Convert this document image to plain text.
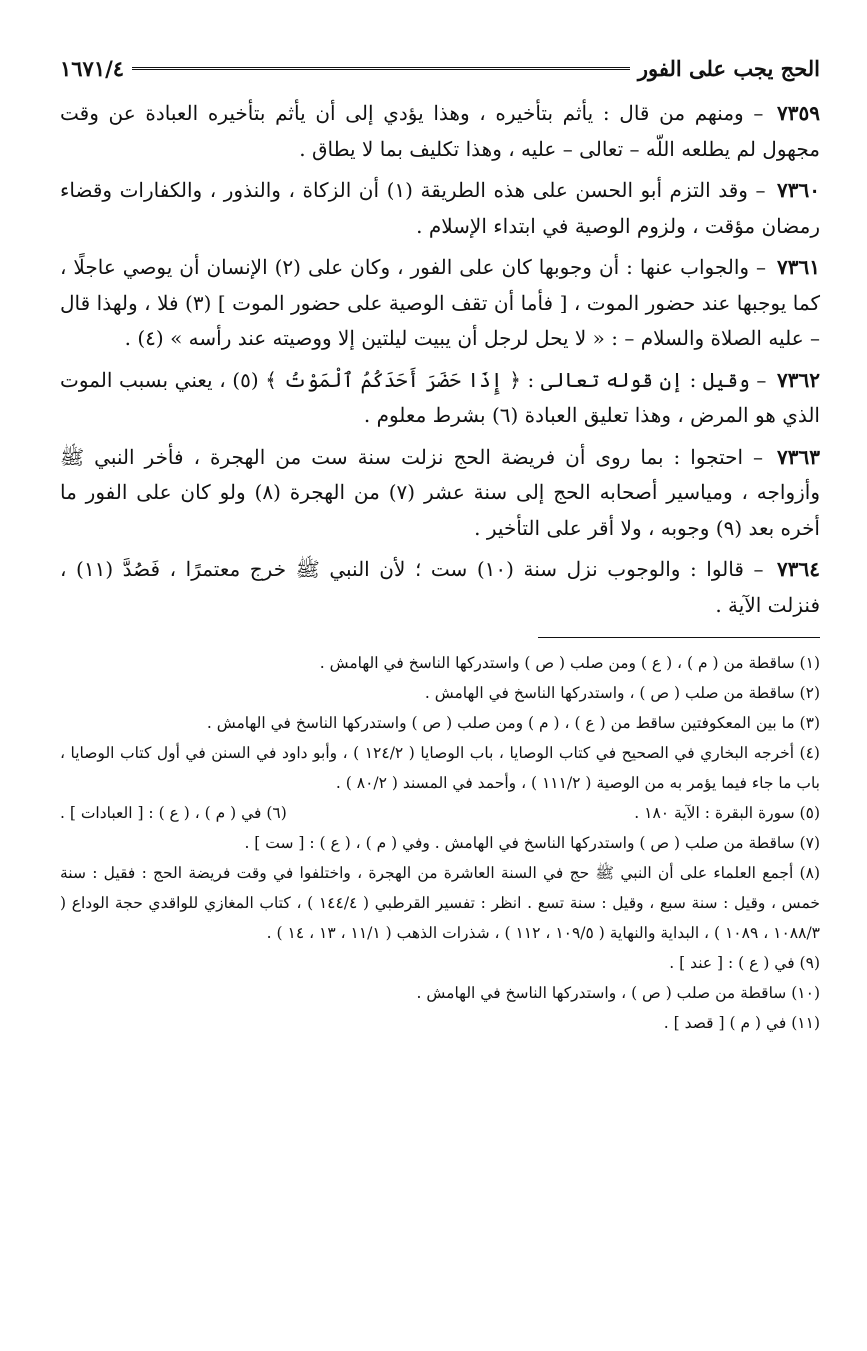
الحج يجب على الفور
١٦٧١/٤

٧٣٥٩ – ومنهم من قال : يأثم بتأخيره ، وهذا يؤدي إلى أن يأثم بتأخيره العبادة عن وقت مجهول لم يطلعه اللّه – تعالى – عليه ، وهذا تكليف بما لا يطاق .

٧٣٦٠ – وقد التزم أبو الحسن على هذه الطريقة (١) أن الزكاة ، والنذور ، والكفارات وقضاء رمضان مؤقت ، ولزوم الوصية في ابتداء الإسلام .

٧٣٦١ – والجواب عنها : أن وجوبها كان على الفور ، وكان على (٢) الإنسان أن يوصي عاجلًا ، كما يوجبها عند حضور الموت ، [ فأما أن تقف الوصية على حضور الموت ] (٣) فلا ، ولهذا قال – عليه الصلاة والسلام – : « لا يحل لرجل أن يبيت ليلتين إلا ووصيته عند رأسه » (٤) .

٧٣٦٢ – وقيل : إن قوله تعالى : ﴿ إِذَا حَضَرَ أَحَدَكُمُ ٱلْمَوْتُ ﴾ (٥) ، يعني بسبب الموت الذي هو المرض ، وهذا تعليق العبادة (٦) بشرط معلوم .

٧٣٦٣ – احتجوا : بما روى أن فريضة الحج نزلت سنة ست من الهجرة ، فأخر النبي ﷺ وأزواجه ، ومياسير أصحابه الحج إلى سنة عشر (٧) من الهجرة (٨) ولو كان على الفور ما أخره بعد (٩) وجوبه ، ولا أقر على التأخير .

٧٣٦٤ – قالوا : والوجوب نزل سنة (١٠) ست ؛ لأن النبي ﷺ خرج معتمرًا ، فَصُدَّ (١١) ، فنزلت الآية .

(١) ساقطة من ( م ) ، ( ع ) ومن صلب ( ص ) واستدركها الناسخ في الهامش .

(٢) ساقطة من صلب ( ص ) ، واستدركها الناسخ في الهامش .

(٣) ما بين المعكوفتين ساقط من ( ع ) ، ( م ) ومن صلب ( ص ) واستدركها الناسخ في الهامش .

(٤) أخرجه البخاري في الصحيح في كتاب الوصايا ، باب الوصايا ( ١٢٤/٢ ) ، وأبو داود في السنن في أول كتاب الوصايا ، باب ما جاء فيما يؤمر به من الوصية ( ١١١/٢ ) ، وأحمد في المسند ( ٨٠/٢ ) .

(٥) سورة البقرة : الآية ١٨٠ .
(٦) في ( م ) ، ( ع ) : [ العبادات ] .

(٧) ساقطة من صلب ( ص ) واستدركها الناسخ في الهامش . وفي ( م ) ، ( ع ) : [ ست ] .

(٨) أجمع العلماء على أن النبي ﷺ حج في السنة العاشرة من الهجرة ، واختلفوا في وقت فريضة الحج : فقيل : سنة خمس ، وقيل : سنة سبع ، وقيل : سنة تسع . انظر : تفسير القرطبي ( ١٤٤/٤ ) ، كتاب المغازي للواقدي حجة الوداع ( ١٠٨٨/٣ ، ١٠٨٩ ) ، البداية والنهاية ( ١٠٩/٥ ، ١١٢ ) ، شذرات الذهب ( ١١/١ ، ١٣ ، ١٤ ) .

(٩) في ( ع ) : [ عند ] .

(١٠) ساقطة من صلب ( ص ) ، واستدركها الناسخ في الهامش .

(١١) في ( م ) [ قصد ] .
